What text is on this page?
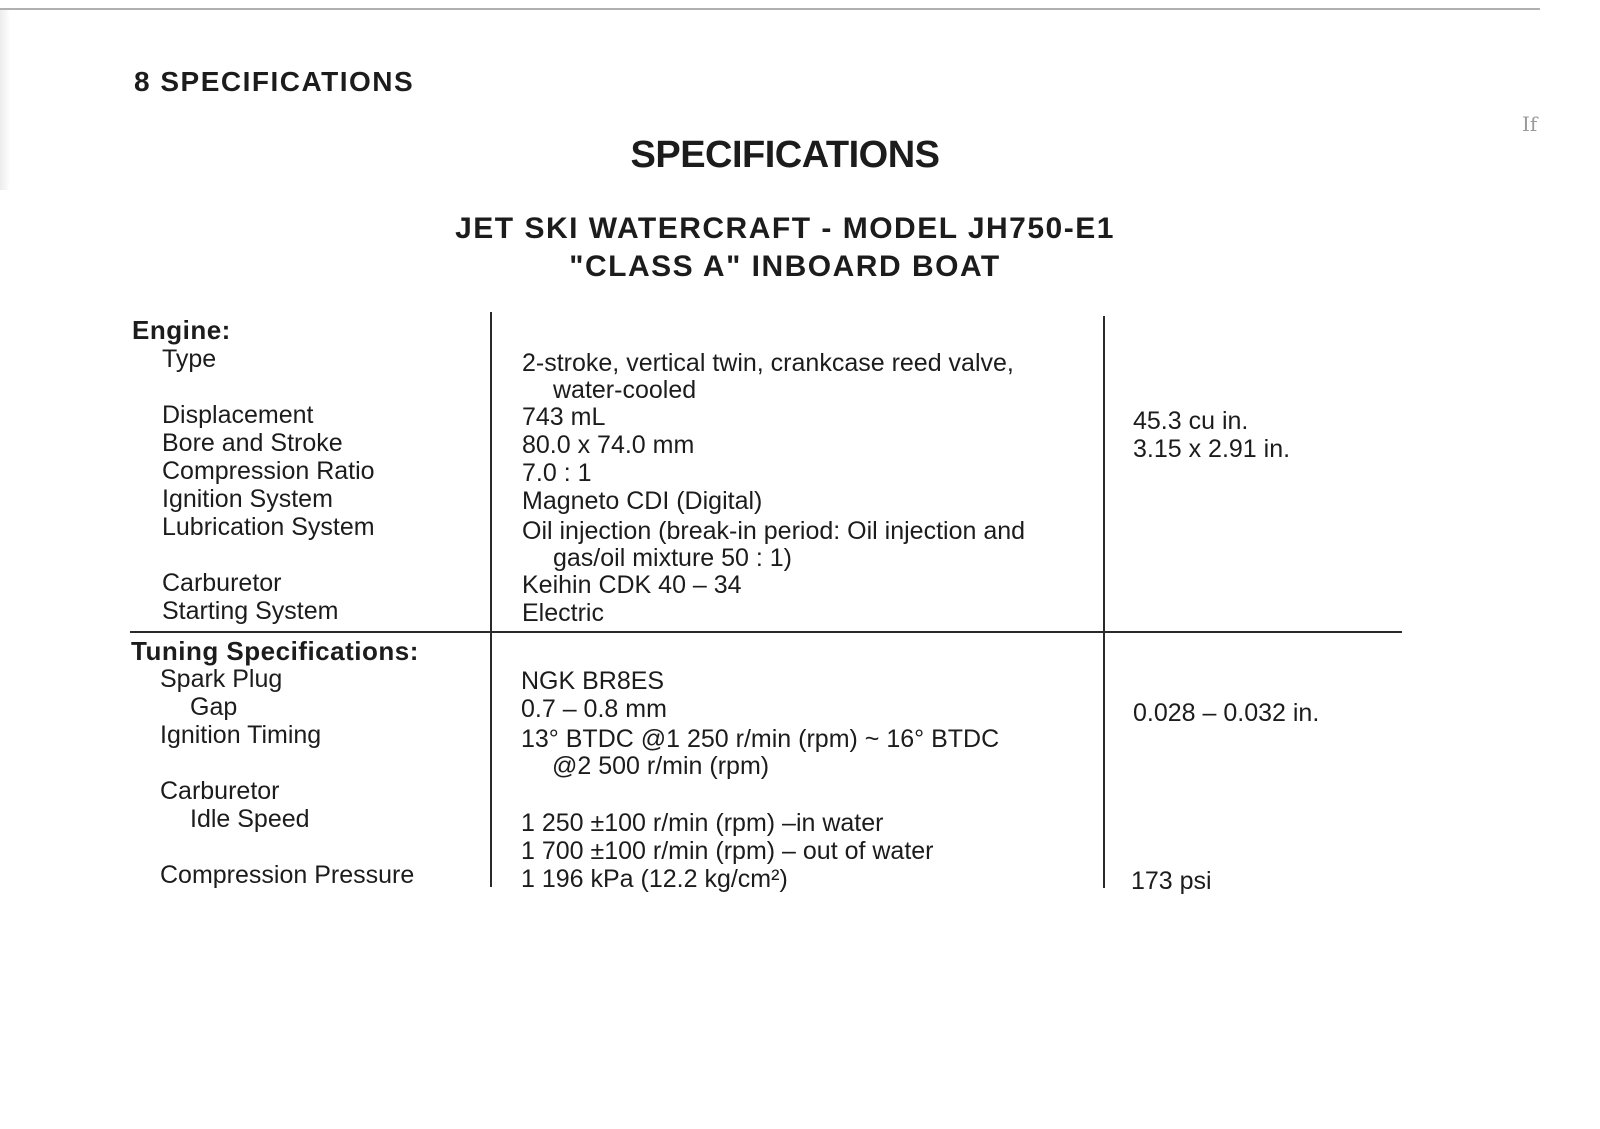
If
8 SPECIFICATIONS
SPECIFICATIONS
JET SKI WATERCRAFT - MODEL JH750-E1
"CLASS A" INBOARD BOAT
Engine:
Type	2-stroke, vertical twin, crankcase reed valve,
water-cooled
Displacement	743 mL	45.3 cu in.
Bore and Stroke	80.0 x 74.0 mm	3.15 x 2.91 in.
Compression Ratio	7.0 : 1
Ignition System	Magneto CDI (Digital)
Lubrication System	Oil injection (break-in period: Oil injection and
gas/oil mixture 50 : 1)
Carburetor	Keihin CDK 40 – 34
Starting System	Electric
Tuning Specifications:
Spark Plug	NGK BR8ES
Gap	0.7 – 0.8 mm	0.028 – 0.032 in.
Ignition Timing	13° BTDC @1 250 r/min (rpm) ~ 16° BTDC
@2 500 r/min (rpm)
Carburetor
Idle Speed	1 250 ±100 r/min (rpm) –in water
1 700 ±100 r/min (rpm) – out of water
Compression Pressure	1 196 kPa (12.2 kg/cm²)	173 psi
